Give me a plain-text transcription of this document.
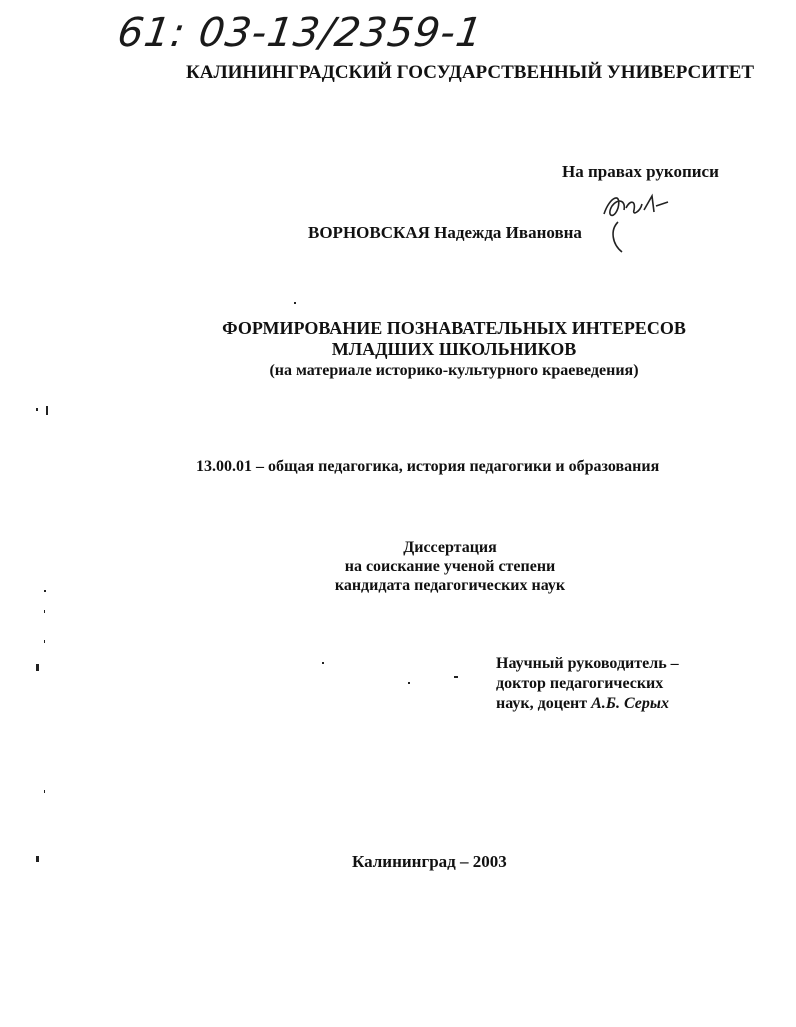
61: 03-13/2359-1
КАЛИНИНГРАДСКИЙ ГОСУДАРСТВЕННЫЙ УНИВЕРСИТЕТ
На правах рукописи
ВОРНОВСКАЯ Надежда Ивановна
ФОРМИРОВАНИЕ ПОЗНАВАТЕЛЬНЫХ ИНТЕРЕСОВ
МЛАДШИХ ШКОЛЬНИКОВ
(на материале историко-культурного краеведения)
13.00.01 – общая педагогика, история педагогики и образования
Диссертация
на соискание ученой степени
кандидата педагогических наук
Научный руководитель –
доктор педагогических
наук, доцент А.Б. Серых
Калининград – 2003
